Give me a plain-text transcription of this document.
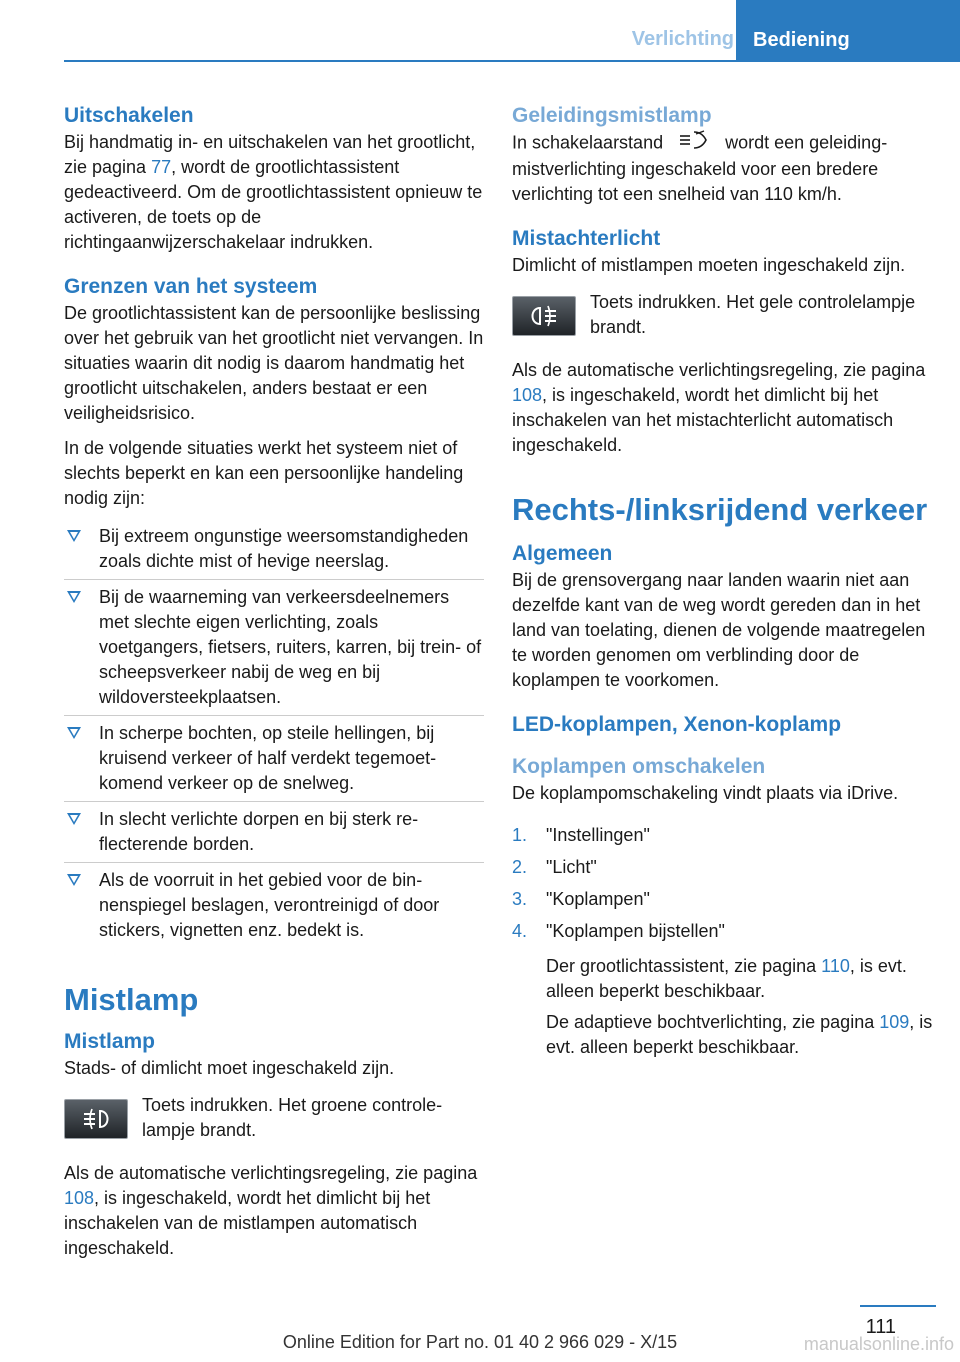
Verlichting Bediening
Uitschakelen

Bij handmatig in- en uitschakelen van het grootlicht, zie pagina 77, wordt de grootlichtassistent gedeactiveerd. Om de grootlichtassistent opnieuw te activeren, de toets op de richtingaanwijzerschakelaar indrukken.

Grenzen van het systeem

De grootlichtassistent kan de persoonlijke beslissing over het gebruik van het grootlicht niet vervangen. In situaties waarin dit nodig is daarom handmatig het grootlicht uitschakelen, anders bestaat er een veiligheidsrisico.

In de volgende situaties werkt het systeem niet of slechts beperkt en kan een persoonlijke handeling nodig zijn:

Bij extreem ongunstige weersomstandigheden zoals dichte mist of hevige neerslag.
Bij de waarneming van verkeersdeelnemers met slechte eigen verlichting, zoals voetgangers, fietsers, ruiters, karren, bij trein- of scheepsverkeer nabij de weg en bij wildoversteekplaatsen.
In scherpe bochten, op steile hellingen, bij kruisend verkeer of half verdekt tegemoetkomend verkeer op de snelweg.
In slecht verlichte dorpen en bij sterk reflecterende borden.
Als de voorruit in het gebied voor de binnenspiegel beslagen, verontreinigd of door stickers, vignetten enz. bedekt is.
Mistlamp
Mistlamp

Stads- of dimlicht moet ingeschakeld zijn.

Toets indrukken. Het groene controlelampje brandt.

Als de automatische verlichtingsregeling, zie pagina 108, is ingeschakeld, wordt het dimlicht bij het inschakelen van de mistlampen automatisch ingeschakeld.

Geleidingsmistlamp

In schakelaarstand	wordt een geleidingmistverlichting ingeschakeld voor een bredere verlichting tot een snelheid van 110 km/h.

Mistachterlicht

Dimlicht of mistlampen moeten ingeschakeld zijn.

Toets indrukken. Het gele controlelampje brandt.

Als de automatische verlichtingsregeling, zie pagina 108, is ingeschakeld, wordt het dimlicht bij het inschakelen van het mistachterlicht automatisch ingeschakeld.

Rechts-/linksrijdend verkeer
Algemeen

Bij de grensovergang naar landen waarin niet aan dezelfde kant van de weg wordt gereden dan in het land van toelating, dienen de volgende maatregelen te worden genomen om verblinding door de koplampen te voorkomen.

LED-koplampen, Xenon-koplamp
Koplampen omschakelen

De koplampomschakeling vindt plaats via iDrive.

1.	"Instellingen"
2.	"Licht"
3.	"Koplampen"
4.	"Koplampen bijstellen"

Der grootlichtassistent, zie pagina 110, is evt. alleen beperkt beschikbaar.

De adaptieve bochtverlichting, zie pagina 109, is evt. alleen beperkt beschikbaar.

111
Online Edition for Part no. 01 40 2 966 029 - X/15	manualsonline.info
